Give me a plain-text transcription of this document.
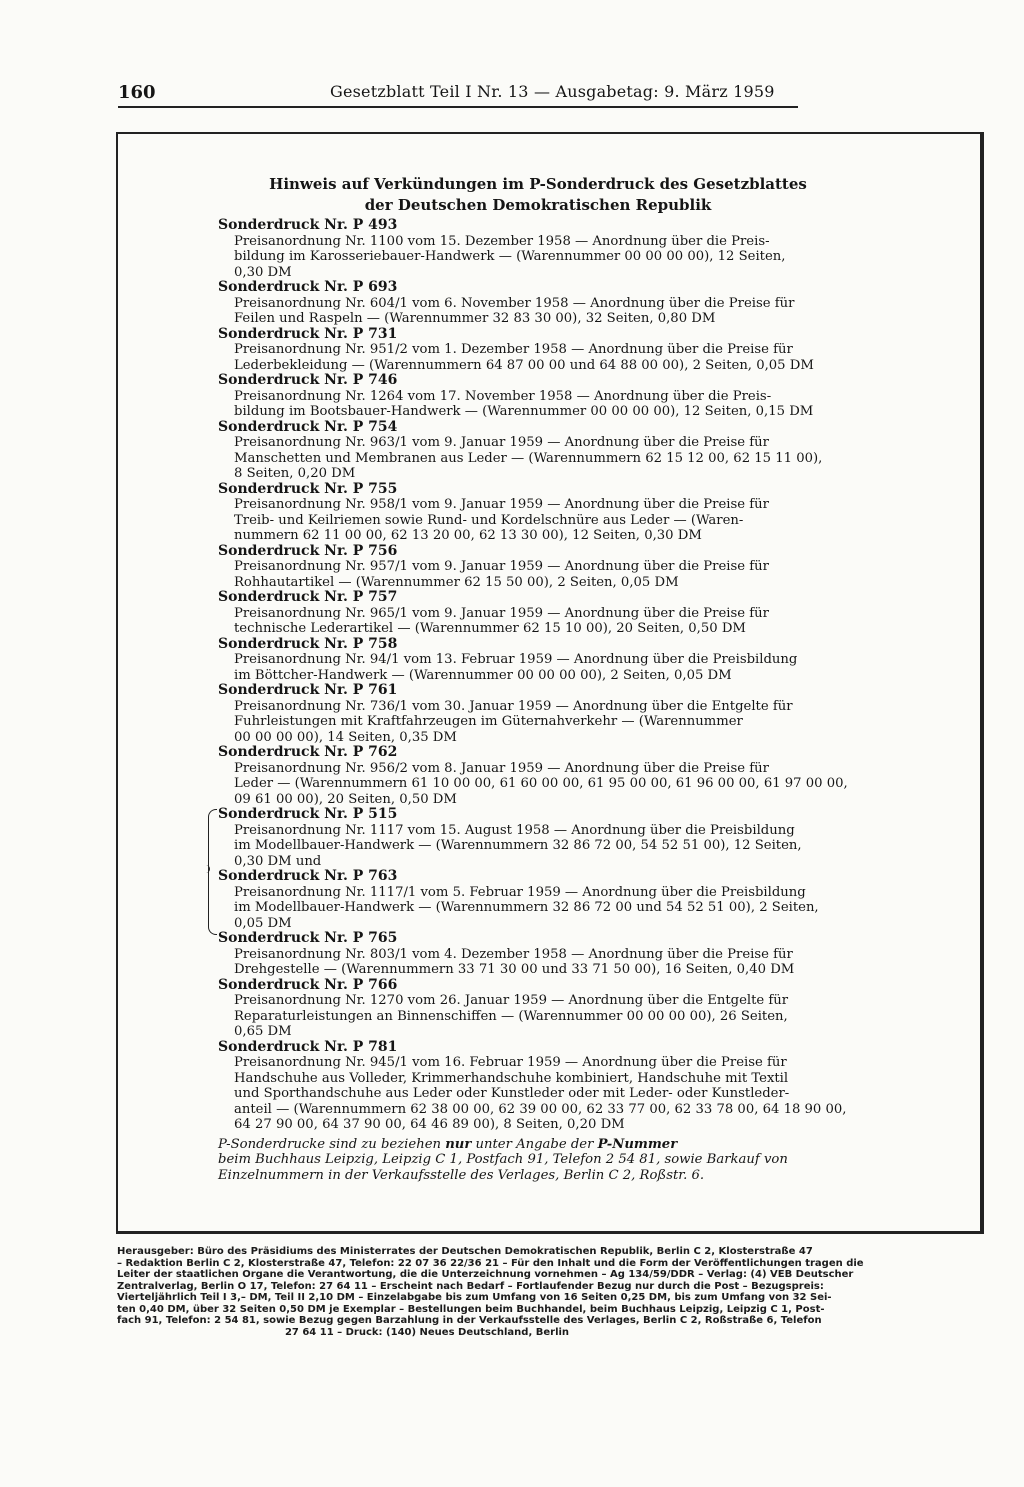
160	Gesetzblatt Teil I Nr. 13 — Ausgabetag: 9. März 1959
Hinweis auf Verkündungen im P-Sonderdruck des Gesetzblattes
der Deutschen Demokratischen Republik
Sonderdruck Nr. P 493
Preisanordnung Nr. 1100 vom 15. Dezember 1958 — Anordnung über die Preis-
bildung im Karosseriebauer-Handwerk — (Warennummer 00 00 00 00), 12 Seiten,
0,30 DM
Sonderdruck Nr. P 693
Preisanordnung Nr. 604/1 vom 6. November 1958 — Anordnung über die Preise für
Feilen und Raspeln — (Warennummer 32 83 30 00), 32 Seiten, 0,80 DM
Sonderdruck Nr. P 731
Preisanordnung Nr. 951/2 vom 1. Dezember 1958 — Anordnung über die Preise für
Lederbekleidung — (Warennummern 64 87 00 00 und 64 88 00 00), 2 Seiten, 0,05 DM
Sonderdruck Nr. P 746
Preisanordnung Nr. 1264 vom 17. November 1958 — Anordnung über die Preis-
bildung im Bootsbauer-Handwerk — (Warennummer 00 00 00 00), 12 Seiten, 0,15 DM
Sonderdruck Nr. P 754
Preisanordnung Nr. 963/1 vom 9. Januar 1959 — Anordnung über die Preise für
Manschetten und Membranen aus Leder — (Warennummern 62 15 12 00, 62 15 11 00),
8 Seiten, 0,20 DM
Sonderdruck Nr. P 755
Preisanordnung Nr. 958/1 vom 9. Januar 1959 — Anordnung über die Preise für
Treib- und Keilriemen sowie Rund- und Kordelschnüre aus Leder — (Waren-
nummern 62 11 00 00, 62 13 20 00, 62 13 30 00), 12 Seiten, 0,30 DM
Sonderdruck Nr. P 756
Preisanordnung Nr. 957/1 vom 9. Januar 1959 — Anordnung über die Preise für
Rohhautartikel — (Warennummer 62 15 50 00), 2 Seiten, 0,05 DM
Sonderdruck Nr. P 757
Preisanordnung Nr. 965/1 vom 9. Januar 1959 — Anordnung über die Preise für
technische Lederartikel — (Warennummer 62 15 10 00), 20 Seiten, 0,50 DM
Sonderdruck Nr. P 758
Preisanordnung Nr. 94/1 vom 13. Februar 1959 — Anordnung über die Preisbildung
im Böttcher-Handwerk — (Warennummer 00 00 00 00), 2 Seiten, 0,05 DM
Sonderdruck Nr. P 761
Preisanordnung Nr. 736/1 vom 30. Januar 1959 — Anordnung über die Entgelte für
Fuhrleistungen mit Kraftfahrzeugen im Güternahverkehr — (Warennummer
00 00 00 00), 14 Seiten, 0,35 DM
Sonderdruck Nr. P 762
Preisanordnung Nr. 956/2 vom 8. Januar 1959 — Anordnung über die Preise für
Leder — (Warennummern 61 10 00 00, 61 60 00 00, 61 95 00 00, 61 96 00 00, 61 97 00 00,
09 61 00 00), 20 Seiten, 0,50 DM
Sonderdruck Nr. P 515
Preisanordnung Nr. 1117 vom 15. August 1958 — Anordnung über die Preisbildung
im Modellbauer-Handwerk — (Warennummern 32 86 72 00, 54 52 51 00), 12 Seiten,
0,30 DM und
Sonderdruck Nr. P 763
Preisanordnung Nr. 1117/1 vom 5. Februar 1959 — Anordnung über die Preisbildung
im Modellbauer-Handwerk — (Warennummern 32 86 72 00 und 54 52 51 00), 2 Seiten,
0,05 DM
Sonderdruck Nr. P 765
Preisanordnung Nr. 803/1 vom 4. Dezember 1958 — Anordnung über die Preise für
Drehgestelle — (Warennummern 33 71 30 00 und 33 71 50 00), 16 Seiten, 0,40 DM
Sonderdruck Nr. P 766
Preisanordnung Nr. 1270 vom 26. Januar 1959 — Anordnung über die Entgelte für
Reparaturleistungen an Binnenschiffen — (Warennummer 00 00 00 00), 26 Seiten,
0,65 DM
Sonderdruck Nr. P 781
Preisanordnung Nr. 945/1 vom 16. Februar 1959 — Anordnung über die Preise für
Handschuhe aus Volleder, Krimmerhandschuhe kombiniert, Handschuhe mit Textil
und Sporthandschuhe aus Leder oder Kunstleder oder mit Leder- oder Kunstleder-
anteil — (Warennummern 62 38 00 00, 62 39 00 00, 62 33 77 00, 62 33 78 00, 64 18 90 00,
64 27 90 00, 64 37 90 00, 64 46 89 00), 8 Seiten, 0,20 DM
P-Sonderdrucke sind zu beziehen nur unter Angabe der P-Nummer
beim Buchhaus Leipzig, Leipzig C 1, Postfach 91, Telefon 2 54 81, sowie Barkauf von
Einzelnummern in der Verkaufsstelle des Verlages, Berlin C 2, Roßstr. 6.
Herausgeber: Büro des Präsidiums des Ministerrates der Deutschen Demokratischen Republik, Berlin C 2, Klosterstraße 47
– Redaktion Berlin C 2, Klosterstraße 47, Telefon: 22 07 36 22/36 21 – Für den Inhalt und die Form der Veröffentlichungen tragen die
Leiter der staatlichen Organe die Verantwortung, die die Unterzeichnung vornehmen – Ag 134/59/DDR – Verlag: (4) VEB Deutscher
Zentralverlag, Berlin O 17, Telefon: 27 64 11 – Erscheint nach Bedarf – Fortlaufender Bezug nur durch die Post – Bezugspreis:
Vierteljährlich Teil I 3,– DM, Teil II 2,10 DM – Einzelabgabe bis zum Umfang von 16 Seiten 0,25 DM, bis zum Umfang von 32 Sei-
ten 0,40 DM, über 32 Seiten 0,50 DM je Exemplar – Bestellungen beim Buchhandel, beim Buchhaus Leipzig, Leipzig C 1, Post-
fach 91, Telefon: 2 54 81, sowie Bezug gegen Barzahlung in der Verkaufsstelle des Verlages, Berlin C 2, Roßstraße 6, Telefon
27 64 11 – Druck: (140) Neues Deutschland, Berlin
